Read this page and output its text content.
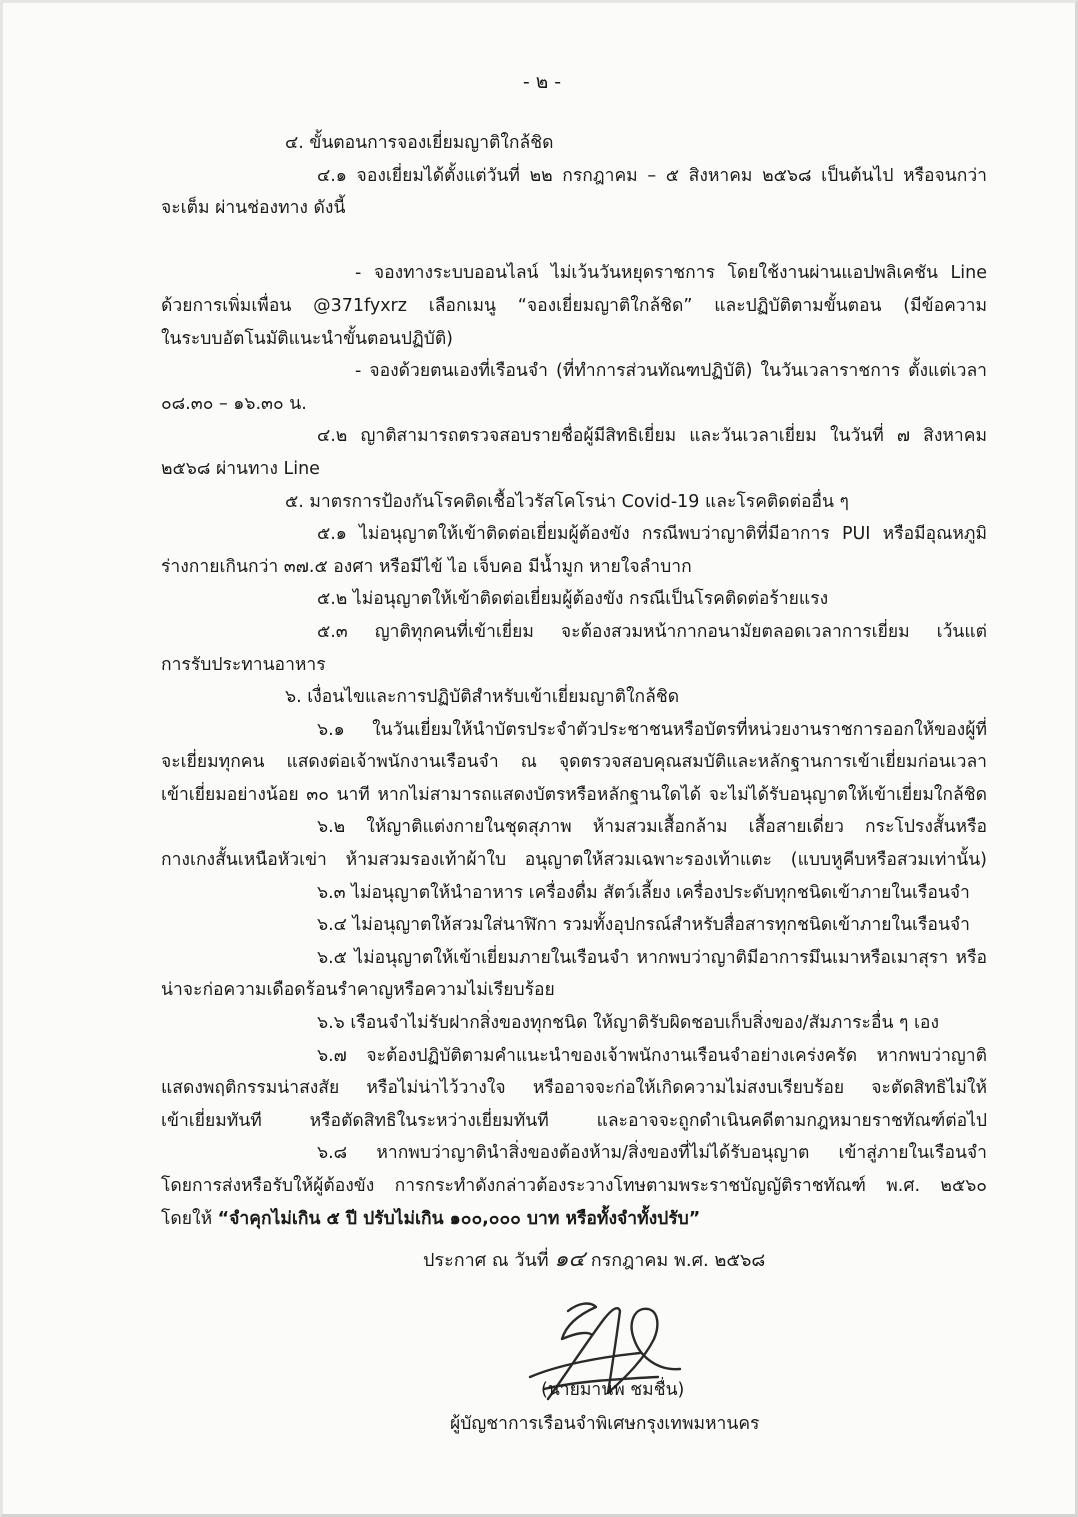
- ๒ -
๔. ขั้นตอนการจองเยี่ยมญาติใกล้ชิด
๔.๑ จองเยี่ยมได้ตั้งแต่วันที่ ๒๒ กรกฎาคม – ๕ สิงหาคม ๒๕๖๘ เป็นต้นไป หรือจนกว่า
จะเต็ม ผ่านช่องทาง ดังนี้
- จองทางระบบออนไลน์ ไม่เว้นวันหยุดราชการ โดยใช้งานผ่านแอปพลิเคชัน Line
ด้วยการเพิ่มเพื่อน @371fyxrz เลือกเมนู “จองเยี่ยมญาติใกล้ชิด” และปฏิบัติตามขั้นตอน (มีข้อความ
ในระบบอัตโนมัติแนะนำขั้นตอนปฏิบัติ)
- จองด้วยตนเองที่เรือนจำ (ที่ทำการส่วนทัณฑปฏิบัติ) ในวันเวลาราชการ ตั้งแต่เวลา
๐๘.๓๐ – ๑๖.๓๐ น.
๔.๒ ญาติสามารถตรวจสอบรายชื่อผู้มีสิทธิเยี่ยม และวันเวลาเยี่ยม ในวันที่ ๗ สิงหาคม
๒๕๖๘ ผ่านทาง Line
๕. มาตรการป้องกันโรคติดเชื้อไวรัสโคโรน่า Covid-19 และโรคติดต่ออื่น ๆ
๕.๑ ไม่อนุญาตให้เข้าติดต่อเยี่ยมผู้ต้องขัง กรณีพบว่าญาติที่มีอาการ PUI หรือมีอุณหภูมิ
ร่างกายเกินกว่า ๓๗.๕ องศา หรือมีไข้ ไอ เจ็บคอ มีน้ำมูก หายใจลำบาก
๕.๒ ไม่อนุญาตให้เข้าติดต่อเยี่ยมผู้ต้องขัง กรณีเป็นโรคติดต่อร้ายแรง
๕.๓ ญาติทุกคนที่เข้าเยี่ยม จะต้องสวมหน้ากากอนามัยตลอดเวลาการเยี่ยม เว้นแต่
การรับประทานอาหาร
๖. เงื่อนไขและการปฏิบัติสำหรับเข้าเยี่ยมญาติใกล้ชิด
๖.๑ ในวันเยี่ยมให้นำบัตรประจำตัวประชาชนหรือบัตรที่หน่วยงานราชการออกให้ของผู้ที่
จะเยี่ยมทุกคน แสดงต่อเจ้าพนักงานเรือนจำ ณ จุดตรวจสอบคุณสมบัติและหลักฐานการเข้าเยี่ยมก่อนเวลา
เข้าเยี่ยมอย่างน้อย ๓๐ นาที หากไม่สามารถแสดงบัตรหรือหลักฐานใดได้ จะไม่ได้รับอนุญาตให้เข้าเยี่ยมใกล้ชิด
๖.๒ ให้ญาติแต่งกายในชุดสุภาพ ห้ามสวมเสื้อกล้าม เสื้อสายเดี่ยว กระโปรงสั้นหรือ
กางเกงสั้นเหนือหัวเข่า ห้ามสวมรองเท้าผ้าใบ อนุญาตให้สวมเฉพาะรองเท้าแตะ (แบบหูคีบหรือสวมเท่านั้น)
๖.๓ ไม่อนุญาตให้นำอาหาร เครื่องดื่ม สัตว์เลี้ยง เครื่องประดับทุกชนิดเข้าภายในเรือนจำ
๖.๔ ไม่อนุญาตให้สวมใส่นาฬิกา รวมทั้งอุปกรณ์สำหรับสื่อสารทุกชนิดเข้าภายในเรือนจำ
๖.๕ ไม่อนุญาตให้เข้าเยี่ยมภายในเรือนจำ หากพบว่าญาติมีอาการมึนเมาหรือเมาสุรา หรือ
น่าจะก่อความเดือดร้อนรำคาญหรือความไม่เรียบร้อย
๖.๖ เรือนจำไม่รับฝากสิ่งของทุกชนิด ให้ญาติรับผิดชอบเก็บสิ่งของ/สัมภาระอื่น ๆ เอง
๖.๗ จะต้องปฏิบัติตามคำแนะนำของเจ้าพนักงานเรือนจำอย่างเคร่งครัด หากพบว่าญาติ
แสดงพฤติกรรมน่าสงสัย หรือไม่น่าไว้วางใจ หรืออาจจะก่อให้เกิดความไม่สงบเรียบร้อย จะตัดสิทธิไม่ให้
เข้าเยี่ยมทันที หรือตัดสิทธิในระหว่างเยี่ยมทันที และอาจจะถูกดำเนินคดีตามกฎหมายราชทัณฑ์ต่อไป
๖.๘ หากพบว่าญาตินำสิ่งของต้องห้าม/สิ่งของที่ไม่ได้รับอนุญาต เข้าสู่ภายในเรือนจำ
โดยการส่งหรือรับให้ผู้ต้องขัง การกระทำดังกล่าวต้องระวางโทษตามพระราชบัญญัติราชทัณฑ์ พ.ศ. ๒๕๖๐
โดยให้ “จำคุกไม่เกิน ๕ ปี ปรับไม่เกิน ๑๐๐,๐๐๐ บาท หรือทั้งจำทั้งปรับ”
ประกาศ ณ วันที่ ๑๔ กรกฎาคม พ.ศ. ๒๕๖๘
(นายมานพ ชมชื่น)
ผู้บัญชาการเรือนจำพิเศษกรุงเทพมหานคร
